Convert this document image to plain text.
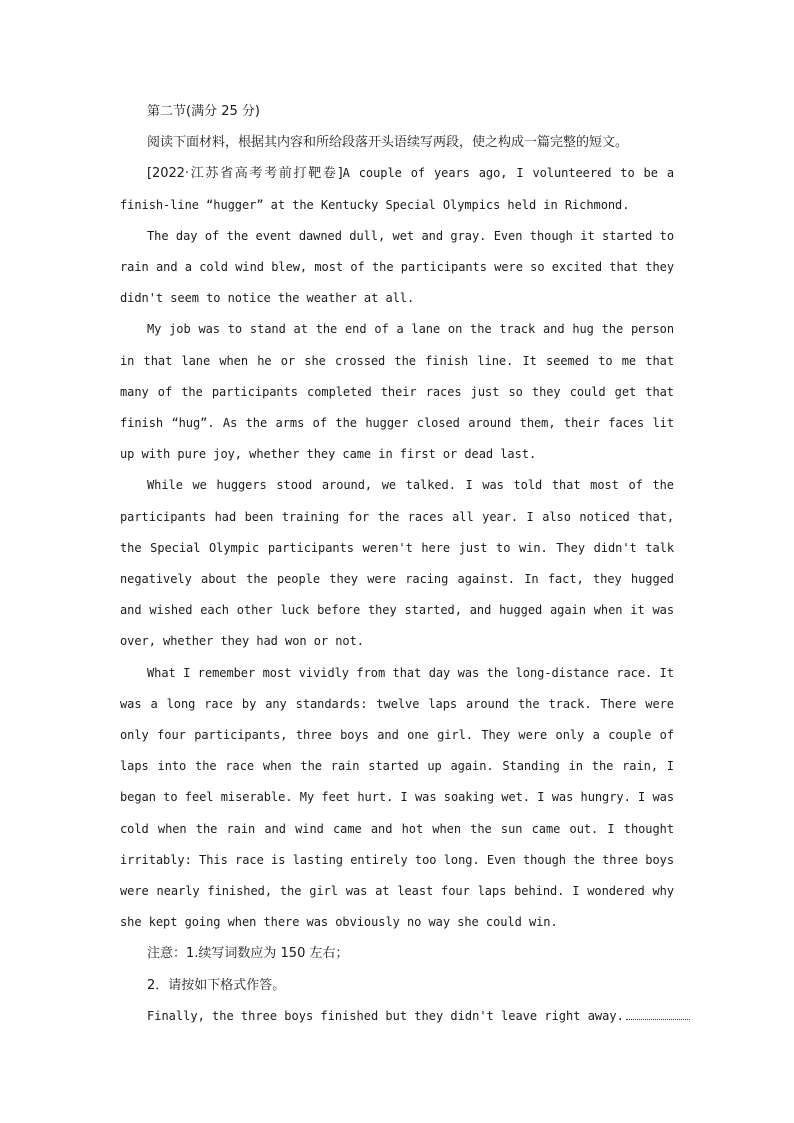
第二节(满分 25 分)
阅读下面材料，根据其内容和所给段落开头语续写两段，使之构成一篇完整的短文。

[2022·江苏省高考考前打靶卷]A couple of years ago, I volunteered to be a finish-line “hugger” at the Kentucky Special Olympics held in Richmond.

The day of the event dawned dull, wet and gray. Even though it started to rain and a cold wind blew, most of the participants were so excited that they didn't seem to notice the weather at all.

My job was to stand at the end of a lane on the track and hug the person in that lane when he or she crossed the finish line. It seemed to me that many of the participants completed their races just so they could get that finish “hug”. As the arms of the hugger closed around them, their faces lit up with pure joy, whether they came in first or dead last.

While we huggers stood around, we talked. I was told that most of the participants had been training for the races all year. I also noticed that, the Special Olympic participants weren't here just to win. They didn't talk negatively about the people they were racing against. In fact, they hugged and wished each other luck before they started, and hugged again when it was over, whether they had won or not.

What I remember most vividly from that day was the long-distance race. It was a long race by any standards: twelve laps around the track. There were only four participants, three boys and one girl. They were only a couple of laps into the race when the rain started up again. Standing in the rain, I began to feel miserable. My feet hurt. I was soaking wet. I was hungry. I was cold when the rain and wind came and hot when the sun came out. I thought irritably: This race is lasting entirely too long. Even though the three boys were nearly finished, the girl was at least four laps behind. I wondered why she kept going when there was obviously no way she could win.

注意：1.续写词数应为 150 左右；
2．请按如下格式作答。
Finally, the three boys finished but they didn't leave right away.
